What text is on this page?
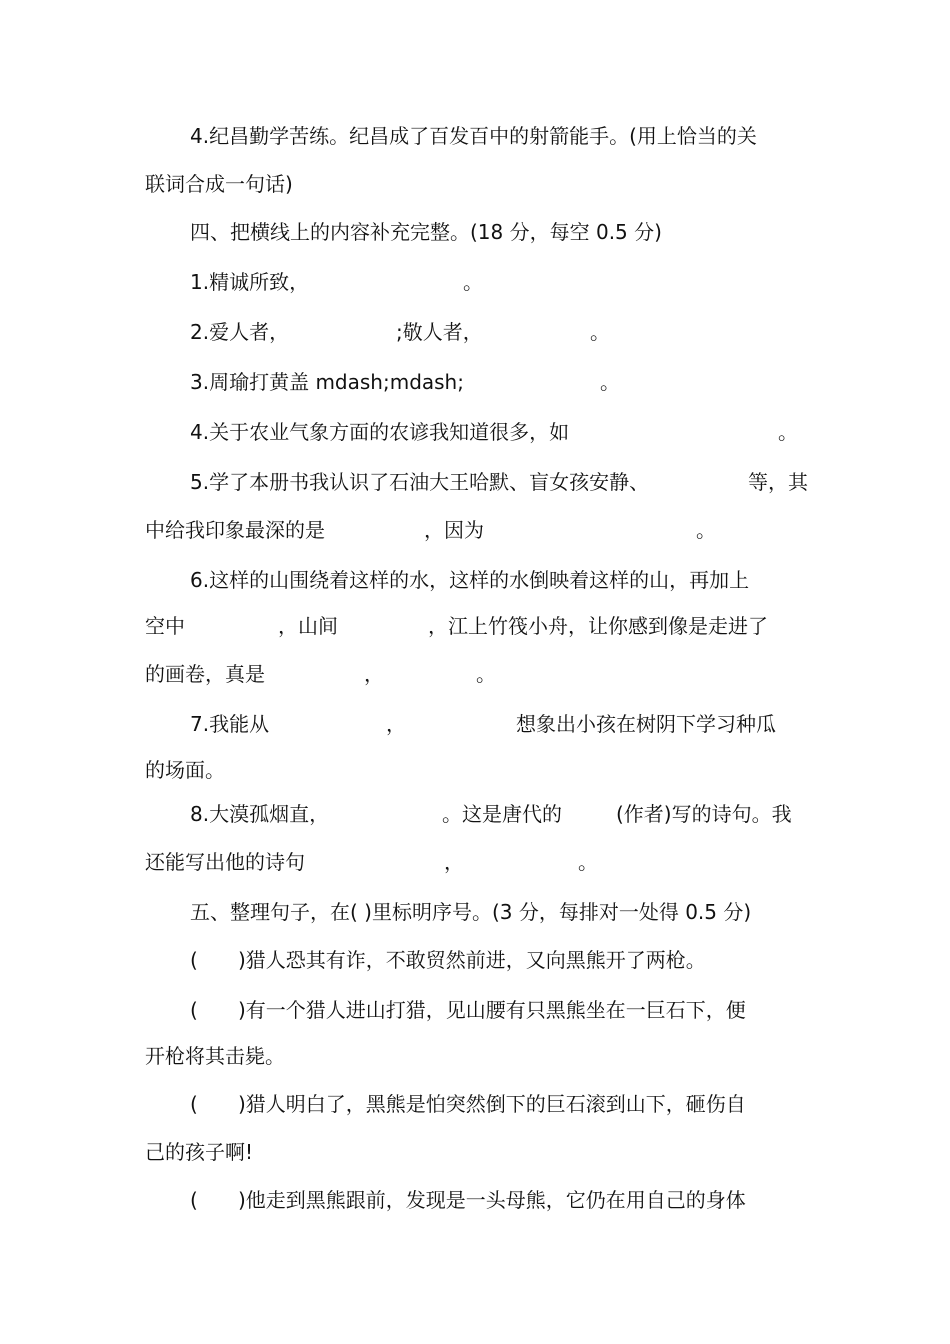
4.纪昌勤学苦练。纪昌成了百发百中的射箭能手。(用上恰当的关
联词合成一句话)
四、把横线上的内容补充完整。(18 分，每空 0.5 分)
1.精诚所致，	。
2.爱人者，	;敬人者，	。
3.周瑜打黄盖 mdash;mdash;	。
4.关于农业气象方面的农谚我知道很多，如	。
5.学了本册书我认识了石油大王哈默、盲女孩安静、	等，其
中给我印象最深的是	，因为	。
6.这样的山围绕着这样的水，这样的水倒映着这样的山，再加上
空中	，山间	，江上竹筏小舟，让你感到像是走进了
的画卷，真是	，	。
7.我能从	，	想象出小孩在树阴下学习种瓜
的场面。
8.大漠孤烟直，	。这是唐代的	(作者)写的诗句。我
还能写出他的诗句	，	。
五、整理句子，在( )里标明序号。(3 分，每排对一处得 0.5 分)
( )猎人恐其有诈，不敢贸然前进，又向黑熊开了两枪。
( )有一个猎人进山打猎，见山腰有只黑熊坐在一巨石下，便
开枪将其击毙。
( )猎人明白了，黑熊是怕突然倒下的巨石滚到山下，砸伤自
己的孩子啊!
( )他走到黑熊跟前，发现是一头母熊，它仍在用自己的身体
